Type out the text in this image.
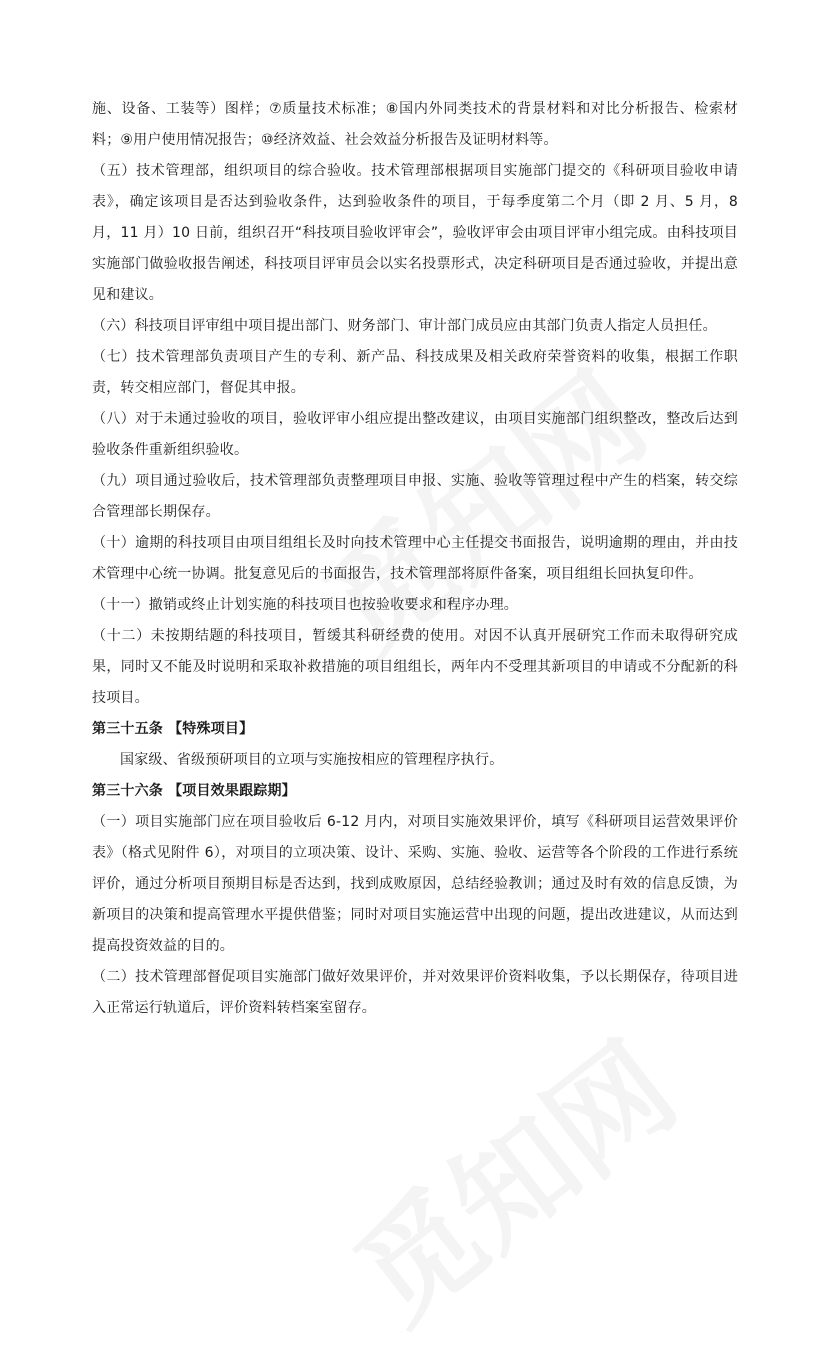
施、设备、工装等）图样；⑦质量技术标准；⑧国内外同类技术的背景材料和对比分析报告、检索材料；⑨用户使用情况报告；⑩经济效益、社会效益分析报告及证明材料等。

（五）技术管理部，组织项目的综合验收。技术管理部根据项目实施部门提交的《科研项目验收申请表》，确定该项目是否达到验收条件，达到验收条件的项目，于每季度第二个月（即 2 月、5 月，8 月，11 月）10 日前，组织召开“科技项目验收评审会”，验收评审会由项目评审小组完成。由科技项目实施部门做验收报告阐述，科技项目评审员会以实名投票形式，决定科研项目是否通过验收，并提出意见和建议。

（六）科技项目评审组中项目提出部门、财务部门、审计部门成员应由其部门负责人指定人员担任。

（七）技术管理部负责项目产生的专利、新产品、科技成果及相关政府荣誉资料的收集，根据工作职责，转交相应部门，督促其申报。

（八）对于未通过验收的项目，验收评审小组应提出整改建议，由项目实施部门组织整改，整改后达到验收条件重新组织验收。

（九）项目通过验收后，技术管理部负责整理项目申报、实施、验收等管理过程中产生的档案，转交综合管理部长期保存。

（十）逾期的科技项目由项目组组长及时向技术管理中心主任提交书面报告，说明逾期的理由，并由技术管理中心统一协调。批复意见后的书面报告，技术管理部将原件备案，项目组组长回执复印件。

（十一）撤销或终止计划实施的科技项目也按验收要求和程序办理。

（十二）未按期结题的科技项目，暂缓其科研经费的使用。对因不认真开展研究工作而未取得研究成果，同时又不能及时说明和采取补救措施的项目组组长，两年内不受理其新项目的申请或不分配新的科技项目。

第三十五条 【特殊项目】

国家级、省级预研项目的立项与实施按相应的管理程序执行。

第三十六条 【项目效果跟踪期】

（一）项目实施部门应在项目验收后 6-12 月内，对项目实施效果评价，填写《科研项目运营效果评价表》（格式见附件 6），对项目的立项决策、设计、采购、实施、验收、运营等各个阶段的工作进行系统评价，通过分析项目预期目标是否达到，找到成败原因，总结经验教训；通过及时有效的信息反馈，为新项目的决策和提高管理水平提供借鉴；同时对项目实施运营中出现的问题，提出改进建议，从而达到提高投资效益的目的。

（二）技术管理部督促项目实施部门做好效果评价，并对效果评价资料收集，予以长期保存，待项目进入正常运行轨道后，评价资料转档案室留存。
